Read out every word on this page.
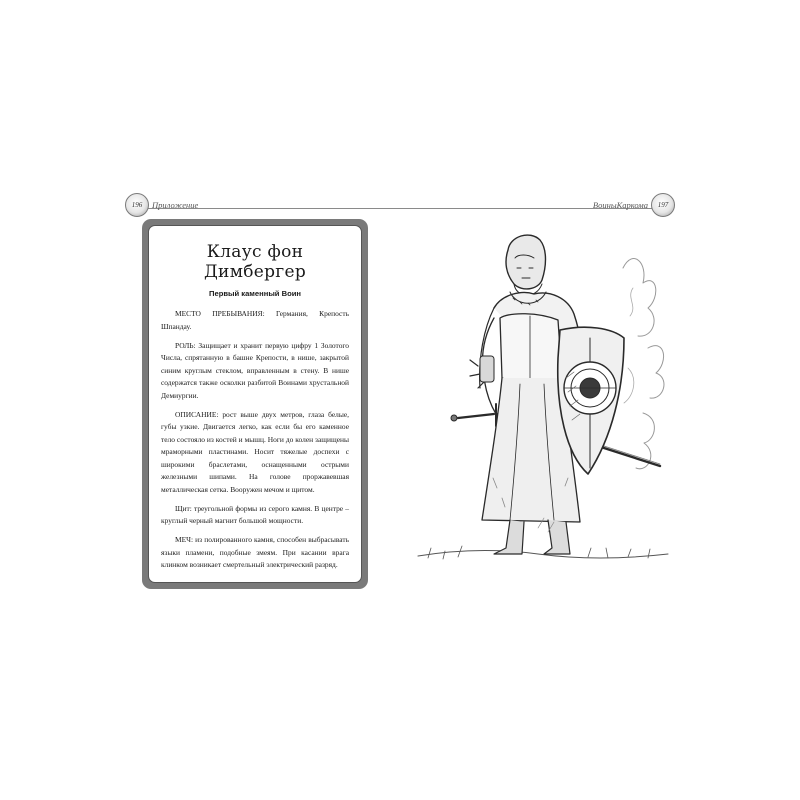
196 Приложение	ВоиныКаркома 197
Клаус фон Димбергер
Первый каменный Воин

МЕСТО ПРЕБЫВАНИЯ: Германия, Крепость Шпандау.

РОЛЬ: Защищает и хранит первую цифру 1 Золотого Числа, спрятанную в башне Крепости, в нише, закрытой синим круглым стеклом, вправленным в стену. В нише содержатся также осколки разбитой Воинами хрустальной Демиургии.

ОПИСАНИЕ: рост выше двух метров, глаза белые, губы узкие. Двигается легко, как если бы его каменное тело состояло из костей и мышц. Ноги до колен защищены мраморными пластинами. Носит тяжелые доспехи с широкими браслетами, оснащенными острыми железными шипами. На голове проржавевшая металлическая сетка. Вооружен мечом и щитом.

Щит: треугольной формы из серого камня. В центре – круглый черный магнит большой мощности.

МЕЧ: из полированного камня, способен выбрасывать языки пламени, подобные змеям. При касании врага клинком возникает смертельный электрический разряд.
